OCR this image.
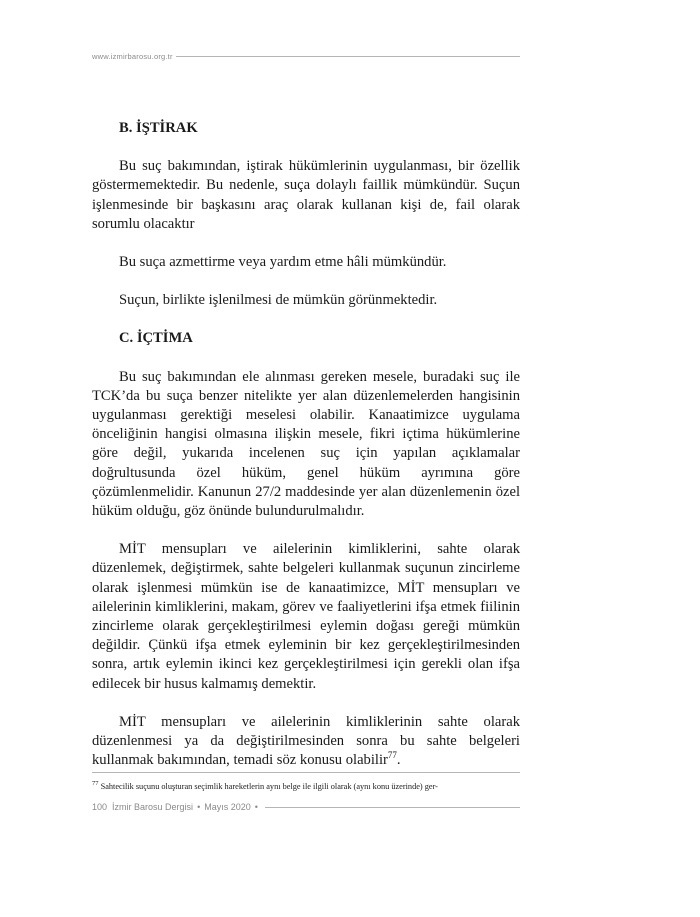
www.izmirbarosu.org.tr
B. İŞTİRAK

Bu suç bakımından, iştirak hükümlerinin uygulanması, bir özellik göstermemektedir. Bu nedenle, suça dolaylı faillik mümkündür. Suçun işlenmesinde bir başkasını araç olarak kullanan kişi de, fail olarak sorumlu olacaktır

Bu suça azmettirme veya yardım etme hâli mümkündür.

Suçun, birlikte işlenilmesi de mümkün görünmektedir.

C. İÇTİMA

Bu suç bakımından ele alınması gereken mesele, buradaki suç ile TCK’da bu suça benzer nitelikte yer alan düzenlemelerden hangisinin uygulanması gerektiği meselesi olabilir. Kanaatimizce uygulama önceliğinin hangisi olmasına ilişkin mesele, fikri içtima hükümlerine göre değil, yukarıda incelenen suç için yapılan açıklamalar doğrultusunda özel hüküm, genel hüküm ayrımına göre çözümlenmelidir. Kanunun 27/2 maddesinde yer alan düzenlemenin özel hüküm olduğu, göz önünde bulundurulmalıdır.

MİT mensupları ve ailelerinin kimliklerini, sahte olarak düzenlemek, değiştirmek, sahte belgeleri kullanmak suçunun zincirleme olarak işlenmesi mümkün ise de kanaatimizce, MİT mensupları ve ailelerinin kimliklerini, makam, görev ve faaliyetlerini ifşa etmek fiilinin zincirleme olarak gerçekleştirilmesi eylemin doğası gereği mümkün değildir. Çünkü ifşa etmek eyleminin bir kez gerçekleştirilmesinden sonra, artık eylemin ikinci kez gerçekleştirilmesi için gerekli olan ifşa edilecek bir husus kalmamış demektir.

MİT mensupları ve ailelerinin kimliklerinin sahte olarak düzenlenmesi ya da değiştirilmesinden sonra bu sahte belgeleri kullanmak bakımından, temadi söz konusu olabilir$^{77}$.

$^{77}$ Sahtecilik suçunu oluşturan seçimlik hareketlerin aynı belge ile ilgili olarak (aynı konu üzerinde) ger-
100 İzmir Barosu Dergisi • Mayıs 2020 •
